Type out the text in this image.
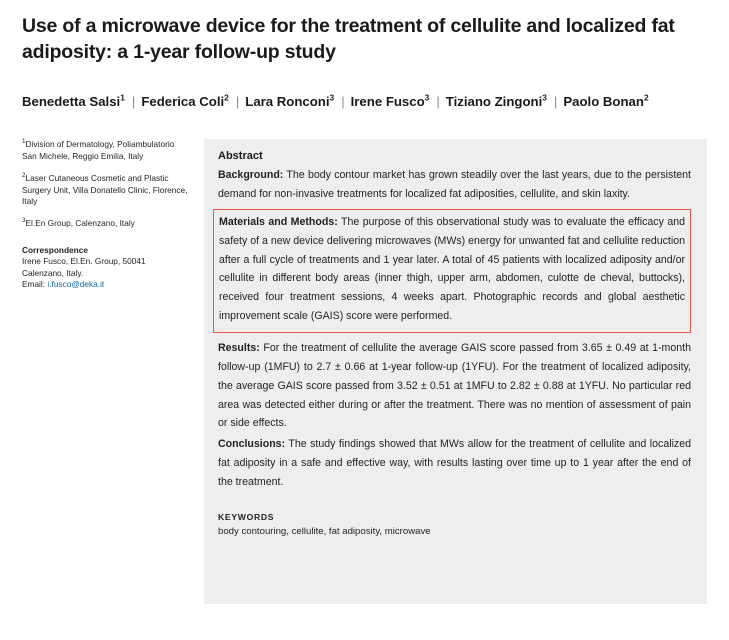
Use of a microwave device for the treatment of cellulite and localized fat adiposity: a 1-year follow-up study
Benedetta Salsi$^1$ | Federica Coli$^2$ | Lara Ronconi$^3$ | Irene Fusco$^3$ | Tiziano Zingoni$^3$ | Paolo Bonan$^2$
$^1$Division of Dermatology, Poliambulatorio San Michele, Reggio Emilia, Italy
$^2$Laser Cutaneous Cosmetic and Plastic Surgery Unit, Villa Donatello Clinic, Florence, Italy
$^3$El.En Group, Calenzano, Italy
Correspondence
Irene Fusco, El.En. Group, 50041 Calenzano, Italy.
Email: i.fusco@deka.it
Abstract

Background: The body contour market has grown steadily over the last years, due to the persistent demand for non-invasive treatments for localized fat adiposities, cellulite, and skin laxity.

Materials and Methods: The purpose of this observational study was to evaluate the efficacy and safety of a new device delivering microwaves (MWs) energy for unwanted fat and cellulite reduction after a full cycle of treatments and 1 year later. A total of 45 patients with localized adiposity and/or cellulite in different body areas (inner thigh, upper arm, abdomen, culotte de cheval, buttocks), received four treatment sessions, 4 weeks apart. Photographic records and global aesthetic improvement scale (GAIS) score were performed.

Results: For the treatment of cellulite the average GAIS score passed from 3.65 ± 0.49 at 1-month follow-up (1MFU) to 2.7 ± 0.66 at 1-year follow-up (1YFU). For the treatment of localized adiposity, the average GAIS score passed from 3.52 ± 0.51 at 1MFU to 2.82 ± 0.88 at 1YFU. No particular red area was detected either during or after the treatment. There was no mention of assessment of pain or side effects.

Conclusions: The study findings showed that MWs allow for the treatment of cellulite and localized fat adiposity in a safe and effective way, with results lasting over time up to 1 year after the end of the treatment.

KEYWORDS
body contouring, cellulite, fat adiposity, microwave
